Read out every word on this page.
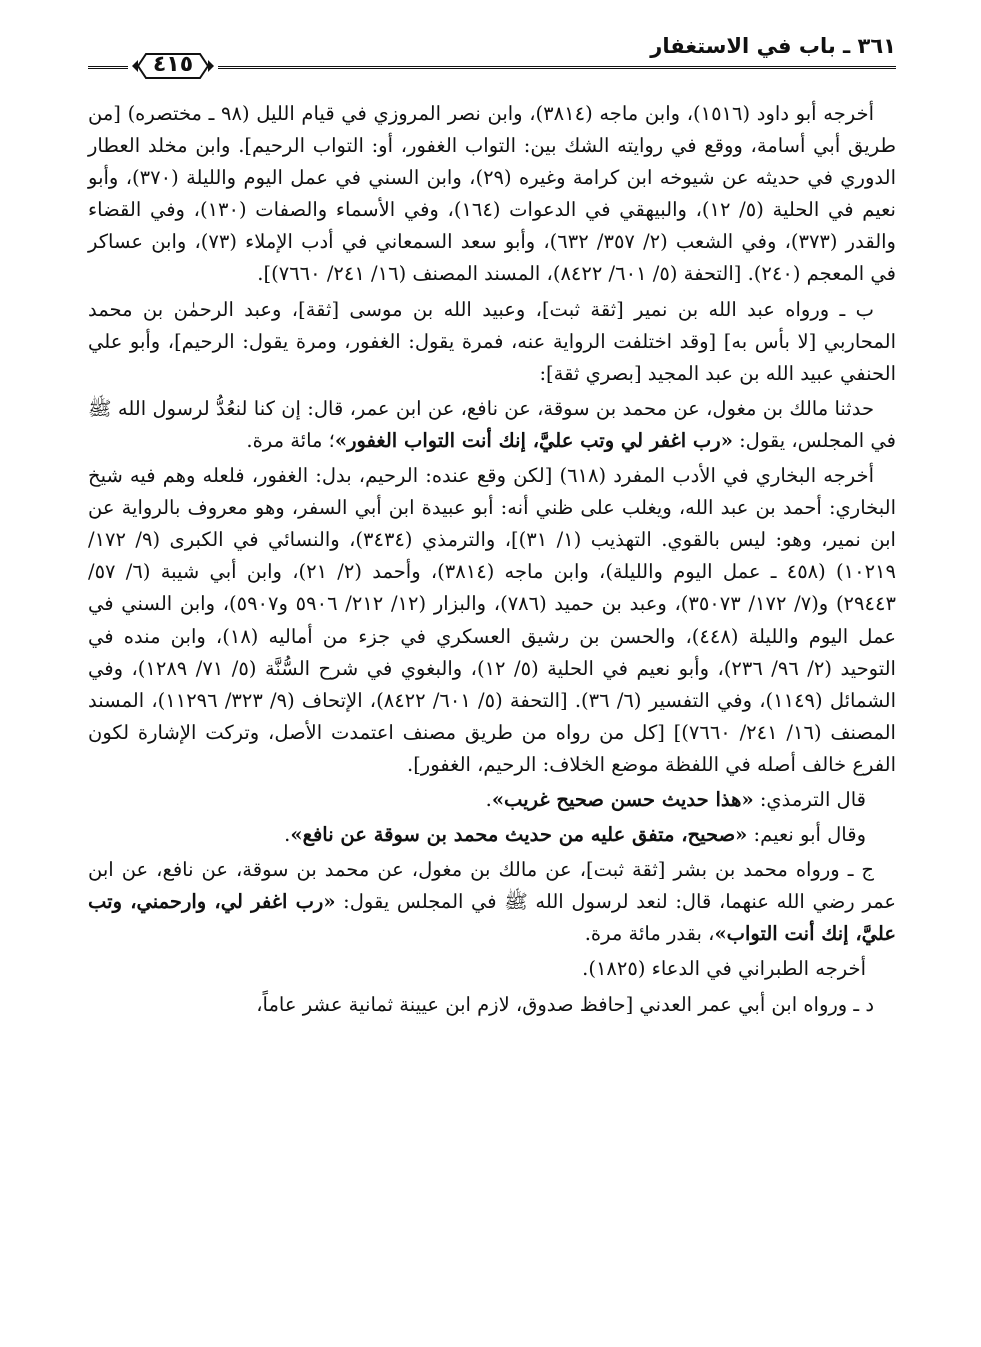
٣٦١ ـ باب في الاستغفار
٤١٥

أخرجه أبو داود (١٥١٦)، وابن ماجه (٣٨١٤)، وابن نصر المروزي في قيام الليل (٩٨ ـ مختصره) [من طريق أبي أسامة، ووقع في روايته الشك بين: التواب الغفور، أو: التواب الرحيم]. وابن مخلد العطار الدوري في حديثه عن شيوخه ابن كرامة وغيره (٢٩)، وابن السني في عمل اليوم والليلة (٣٧٠)، وأبو نعيم في الحلية (٥/ ١٢)، والبيهقي في الدعوات (١٦٤)، وفي الأسماء والصفات (١٣٠)، وفي القضاء والقدر (٣٧٣)، وفي الشعب (٢/ ٣٥٧/ ٦٣٢)، وأبو سعد السمعاني في أدب الإملاء (٧٣)، وابن عساكر في المعجم (٢٤٠). [التحفة (٥/ ٦٠١/ ٨٤٢٢)، المسند المصنف (١٦/ ٢٤١/ ٧٦٦٠)].

ب ـ ورواه عبد الله بن نمير [ثقة ثبت]، وعبيد الله بن موسى [ثقة]، وعبد الرحمٰن بن محمد المحاربي [لا بأس به] [وقد اختلفت الرواية عنه، فمرة يقول: الغفور، ومرة يقول: الرحيم]، وأبو علي الحنفي عبيد الله بن عبد المجيد [بصري ثقة]:

حدثنا مالك بن مغول، عن محمد بن سوقة، عن نافع، عن ابن عمر، قال: إن كنا لنعُدُّ لرسول الله ﷺ في المجلس، يقول: «رب اغفر لي وتب عليَّ، إنك أنت التواب الغفور»؛ مائة مرة.

أخرجه البخاري في الأدب المفرد (٦١٨) [لكن وقع عنده: الرحيم، بدل: الغفور، فلعله وهم فيه شيخ البخاري: أحمد بن عبد الله، ويغلب على ظني أنه: أبو عبيدة ابن أبي السفر، وهو معروف بالرواية عن ابن نمير، وهو: ليس بالقوي. التهذيب (١/ ٣١)]، والترمذي (٣٤٣٤)، والنسائي في الكبرى (٩/ ١٧٢/ ١٠٢١٩) (٤٥٨ ـ عمل اليوم والليلة)، وابن ماجه (٣٨١٤)، وأحمد (٢/ ٢١)، وابن أبي شيبة (٦/ ٥٧/ ٢٩٤٤٣) و(٧/ ١٧٢/ ٣٥٠٧٣)، وعبد بن حميد (٧٨٦)، والبزار (١٢/ ٢١٢/ ٥٩٠٦ و٥٩٠٧)، وابن السني في عمل اليوم والليلة (٤٤٨)، والحسن بن رشيق العسكري في جزء من أماليه (١٨)، وابن منده في التوحيد (٢/ ٩٦/ ٢٣٦)، وأبو نعيم في الحلية (٥/ ١٢)، والبغوي في شرح السُّنَّة (٥/ ٧١/ ١٢٨٩)، وفي الشمائل (١١٤٩)، وفي التفسير (٦/ ٣٦). [التحفة (٥/ ٦٠١/ ٨٤٢٢)، الإتحاف (٩/ ٣٢٣/ ١١٢٩٦)، المسند المصنف (١٦/ ٢٤١/ ٧٦٦٠)] [كل من رواه من طريق مصنف اعتمدت الأصل، وتركت الإشارة لكون الفرع خالف أصله في اللفظة موضع الخلاف: الرحيم، الغفور].

قال الترمذي: «هذا حديث حسن صحيح غريب».

وقال أبو نعيم: «صحيح، متفق عليه من حديث محمد بن سوقة عن نافع».

ج ـ ورواه محمد بن بشر [ثقة ثبت]، عن مالك بن مغول، عن محمد بن سوقة، عن نافع، عن ابن عمر رضي الله عنهما، قال: لنعد لرسول الله ﷺ في المجلس يقول: «رب اغفر لي، وارحمني، وتب عليَّ، إنك أنت التواب»، بقدر مائة مرة.

أخرجه الطبراني في الدعاء (١٨٢٥).

د ـ ورواه ابن أبي عمر العدني [حافظ صدوق، لازم ابن عيينة ثمانية عشر عاماً،
